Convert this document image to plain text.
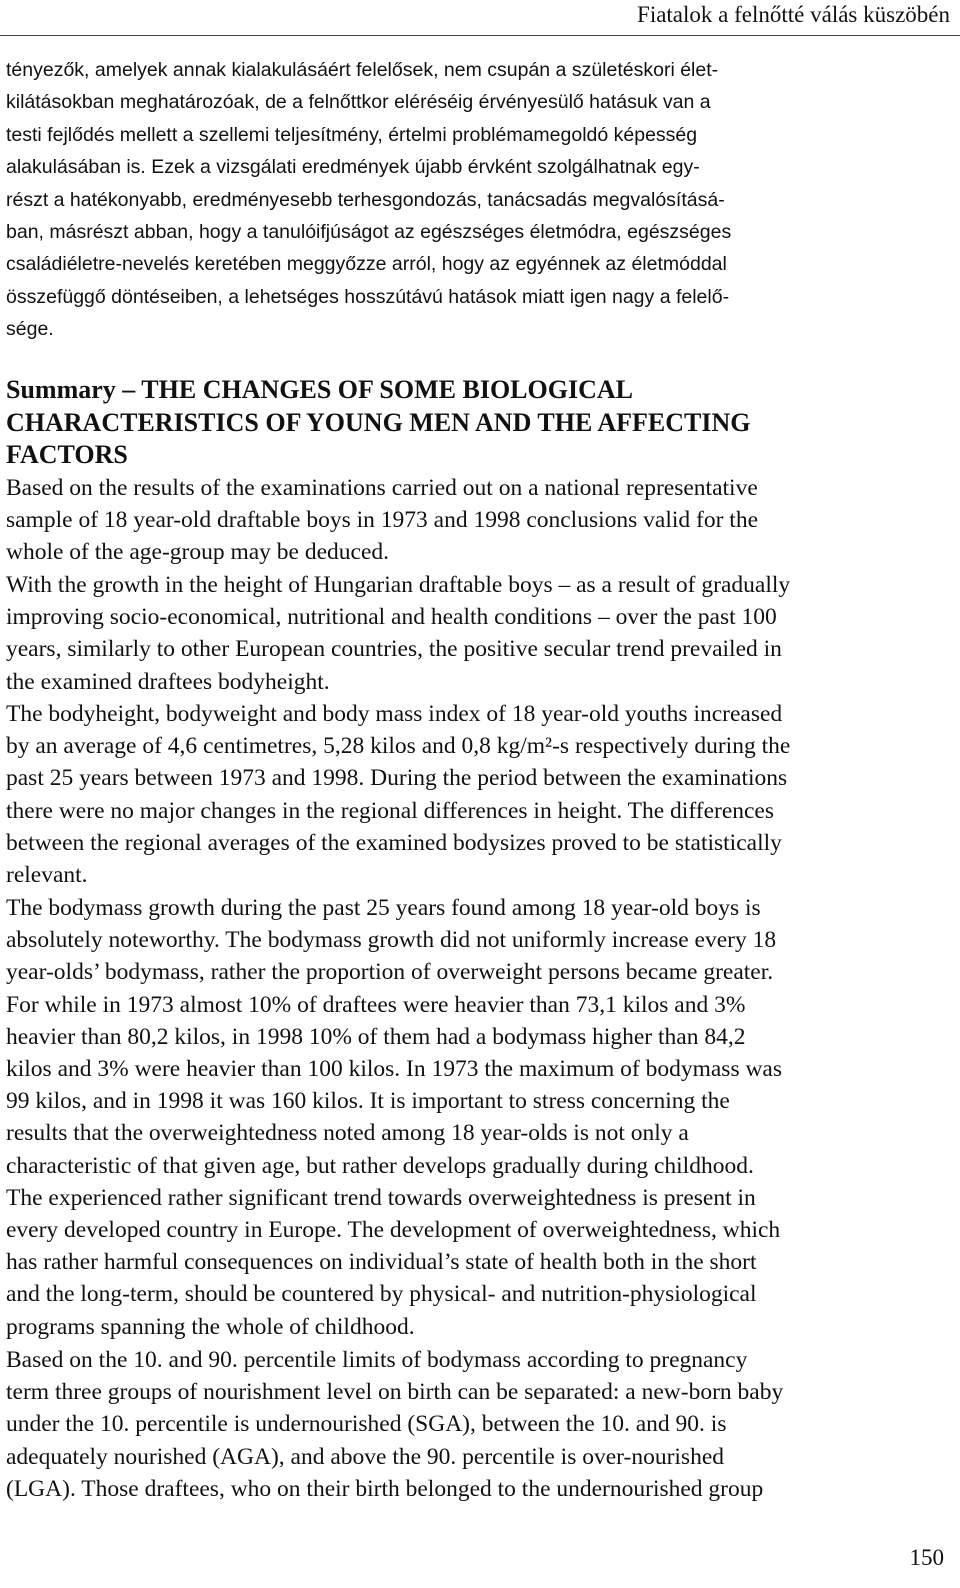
Fiatalok a felnőtté válás küszöbén
tényezők, amelyek annak kialakulásáért felelősek, nem csupán a születéskori élet-
kilátásokban meghatározóak, de a felnőttkor eléréséig érvényesülő hatásuk van a
testi fejlődés mellett a szellemi teljesítmény, értelmi problémamegoldó képesség
alakulásában is. Ezek a vizsgálati eredmények újabb érvként szolgálhatnak egy-
részt a hatékonyabb, eredményesebb terhesgondozás, tanácsadás megvalósításá-
ban, másrészt abban, hogy a tanulóifjúságot az egészséges életmódra, egészséges
családiéletre-nevelés keretében meggyőzze arról, hogy az egyénnek az életmóddal
összefüggő döntéseiben, a lehetséges hosszútávú hatások miatt igen nagy a felelő-
sége.
Summary – THE CHANGES OF SOME BIOLOGICAL
CHARACTERISTICS OF YOUNG MEN AND THE AFFECTING
FACTORS
Based on the results of the examinations carried out on a national representative
sample of 18 year-old draftable boys in 1973 and 1998 conclusions valid for the
whole of the age-group may be deduced.
With the growth in the height of Hungarian draftable boys – as a result of gradually
improving socio-economical, nutritional and health conditions – over the past 100
years, similarly to other European countries, the positive secular trend prevailed in
the examined draftees bodyheight.
The bodyheight, bodyweight and body mass index of 18 year-old youths increased
by an average of 4,6 centimetres, 5,28 kilos and 0,8 kg/m²-s respectively during the
past 25 years between 1973 and 1998. During the period between the examinations
there were no major changes in the regional differences in height. The differences
between the regional averages of the examined bodysizes proved to be statistically
relevant.
The bodymass growth during the past 25 years found among 18 year-old boys is
absolutely noteworthy. The bodymass growth did not uniformly increase every 18
year-olds’ bodymass, rather the proportion of overweight persons became greater.
For while in 1973 almost 10% of draftees were heavier than 73,1 kilos and 3%
heavier than 80,2 kilos, in 1998 10% of them had a bodymass higher than 84,2
kilos and 3% were heavier than 100 kilos. In 1973 the maximum of bodymass was
99 kilos, and in 1998 it was 160 kilos. It is important to stress concerning the
results that the overweightedness noted among 18 year-olds is not only a
characteristic of that given age, but rather develops gradually during childhood.
The experienced rather significant trend towards overweightedness is present in
every developed country in Europe. The development of overweightedness, which
has rather harmful consequences on individual’s state of health both in the short
and the long-term, should be countered by physical- and nutrition-physiological
programs spanning the whole of childhood.
Based on the 10. and 90. percentile limits of bodymass according to pregnancy
term three groups of nourishment level on birth can be separated: a new-born baby
under the 10. percentile is undernourished (SGA), between the 10. and 90. is
adequately nourished (AGA), and above the 90. percentile is over-nourished
(LGA). Those draftees, who on their birth belonged to the undernourished group
150
